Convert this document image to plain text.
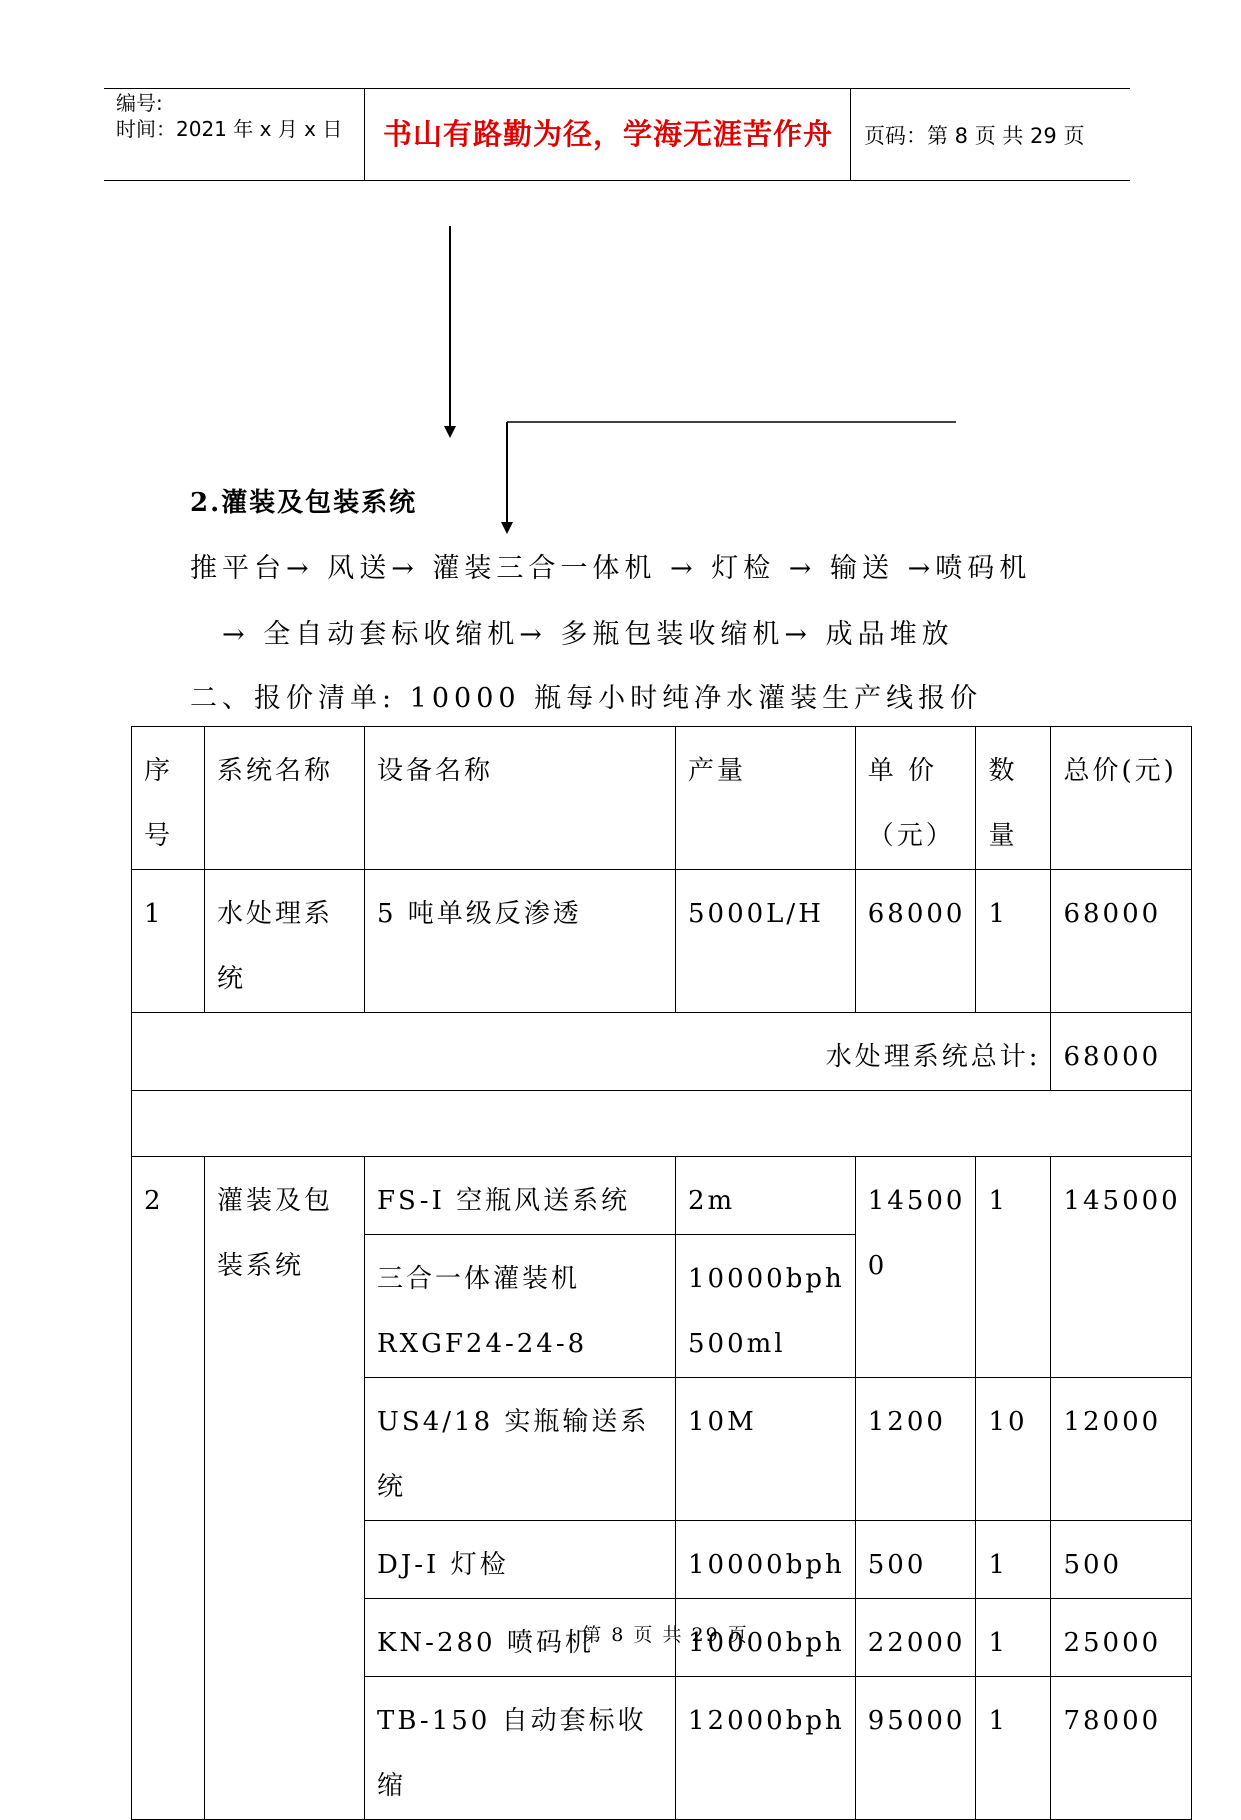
编号:
时间：2021 年 x 月 x 日	书山有路勤为径，学海无涯苦作舟	页码：第 8 页 共 29 页
2.灌装及包装系统
推平台→ 风送→ 灌装三合一体机 → 灯检 → 输送 →喷码机
→ 全自动套标收缩机→ 多瓶包装收缩机→ 成品堆放
二、报价清单: 10000 瓶每小时纯净水灌装生产线报价
序号	系统名称	设备名称	产量	单 价（元）	数量	总价(元)
1	水处理系统	5 吨单级反渗透	5000L/H	68000	1	68000
水处理系统总计:						68000

2	灌装及包装系统	FS-I 空瓶风送系统	2m	145000	1	145000
		三合一体灌装机 RXGF24-24-8	10000bph 500ml			
		US4/18 实瓶输送系统	10M	1200	10	12000
		DJ-I 灯检	10000bph	500	1	500
		KN-280 喷码机	10000bph	22000	1	25000
		TB-150 自动套标收缩	12000bph	95000	1	78000
第 8 页 共 29 页
